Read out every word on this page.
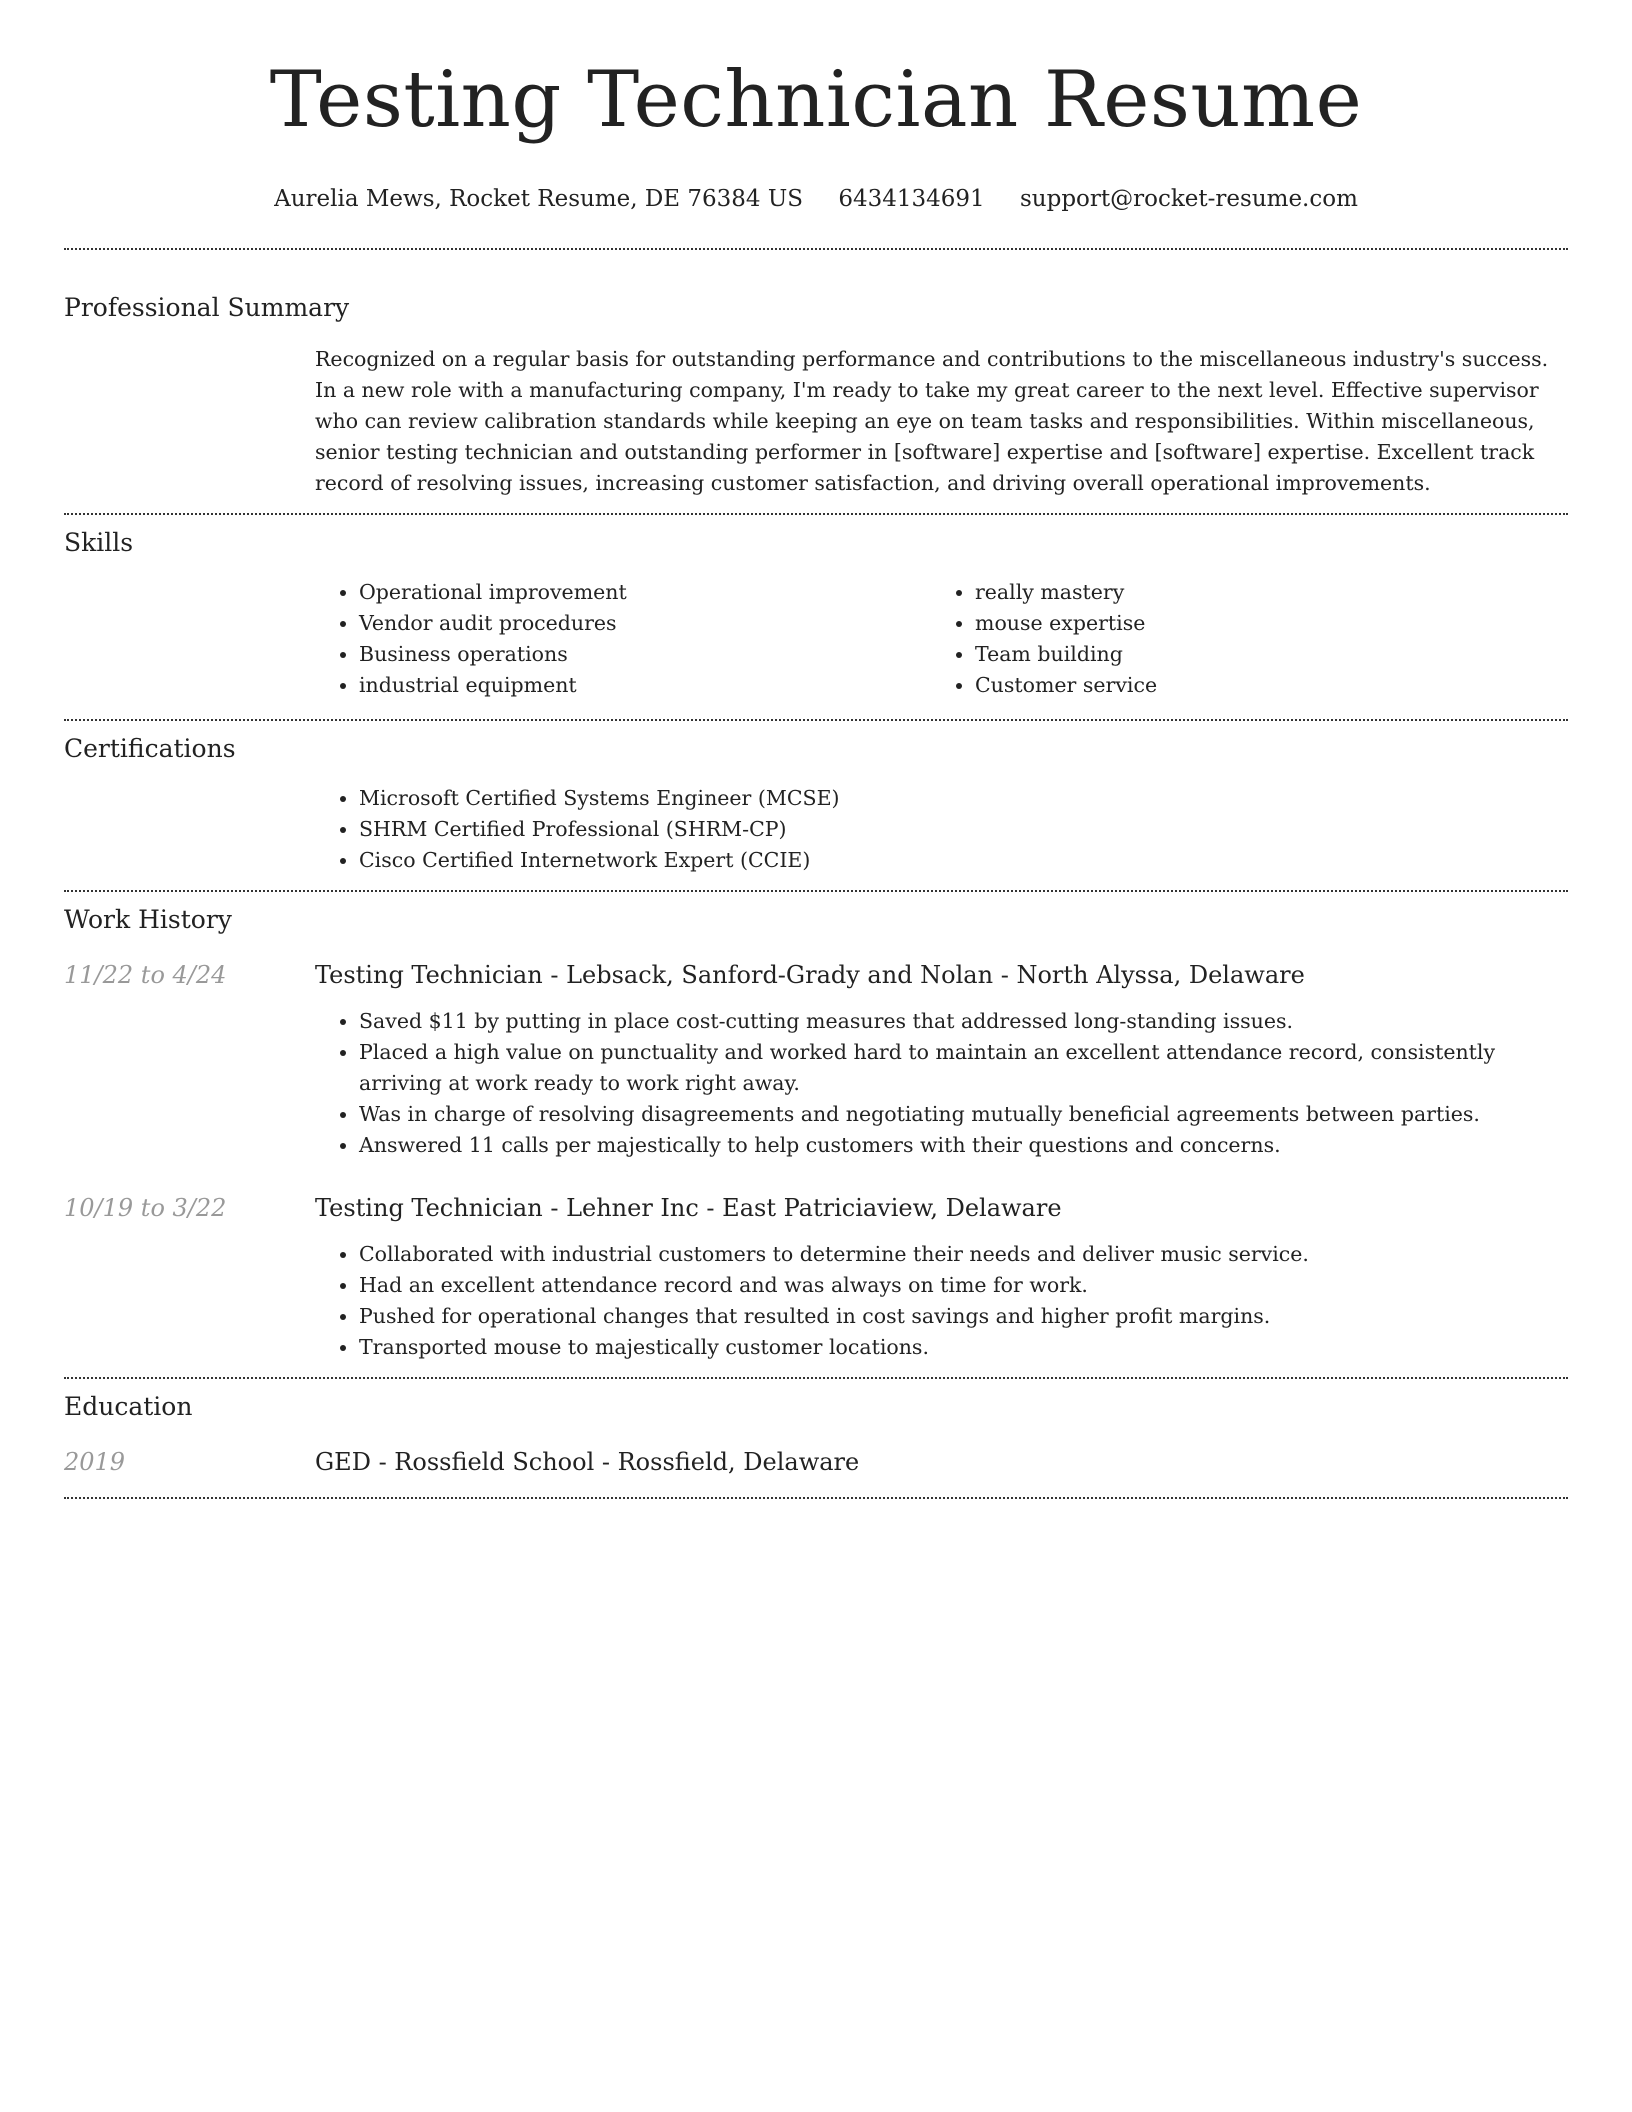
Testing Technician Resume
Aurelia Mews, Rocket Resume, DE 76384 US 6434134691 support@rocket-resume.com
Professional Summary
Recognized on a regular basis for outstanding performance and contributions to the miscellaneous industry's success. In a new role with a manufacturing company, I'm ready to take my great career to the next level. Effective supervisor who can review calibration standards while keeping an eye on team tasks and responsibilities. Within miscellaneous, senior testing technician and outstanding performer in [software] expertise and [software] expertise. Excellent track record of resolving issues, increasing customer satisfaction, and driving overall operational improvements.
Skills
• Operational improvement
• Vendor audit procedures
• Business operations
• industrial equipment
• really mastery
• mouse expertise
• Team building
• Customer service
Certifications
• Microsoft Certified Systems Engineer (MCSE)
• SHRM Certified Professional (SHRM-CP)
• Cisco Certified Internetwork Expert (CCIE)
Work History
11/22 to 4/24	Testing Technician - Lebsack, Sanford-Grady and Nolan - North Alyssa, Delaware
• Saved $11 by putting in place cost-cutting measures that addressed long-standing issues.
• Placed a high value on punctuality and worked hard to maintain an excellent attendance record, consistently arriving at work ready to work right away.
• Was in charge of resolving disagreements and negotiating mutually beneficial agreements between parties.
• Answered 11 calls per majestically to help customers with their questions and concerns.
10/19 to 3/22	Testing Technician - Lehner Inc - East Patriciaview, Delaware
• Collaborated with industrial customers to determine their needs and deliver music service.
• Had an excellent attendance record and was always on time for work.
• Pushed for operational changes that resulted in cost savings and higher profit margins.
• Transported mouse to majestically customer locations.
Education
2019	GED - Rossfield School - Rossfield, Delaware
